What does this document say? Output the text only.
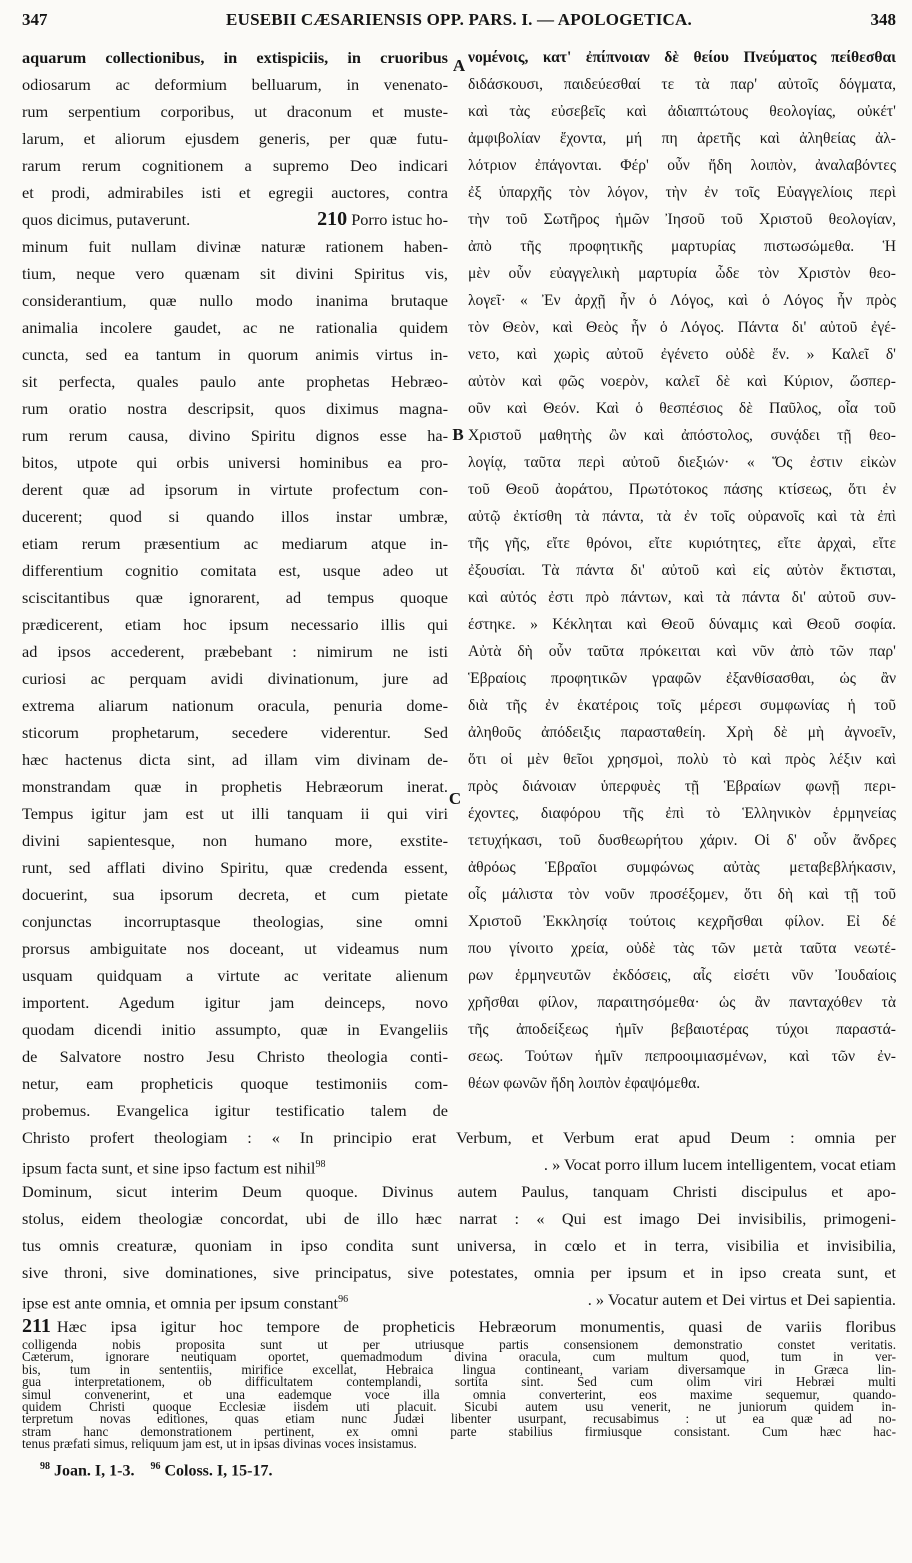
347	EUSEBII CÆSARIENSIS OPP. PARS. I. — APOLOGETICA.	348
A
B
C
aquarum collectionibus, in extispiciis, in cruoribus
odiosarum ac deformium belluarum, in venenato-
rum serpentium corporibus, ut draconum et muste-
larum, et aliorum ejusdem generis, per quæ futu-
rarum rerum cognitionem a supremo Deo indicari
et prodi, admirabiles isti et egregii auctores, contra
quos dicimus, putaverunt.	210 Porro istuc ho-
minum fuit nullam divinæ naturæ rationem haben-
tium, neque vero quænam sit divini Spiritus vis,
considerantium, quæ nullo modo inanima brutaque
animalia incolere gaudet, ac ne rationalia quidem
cuncta, sed ea tantum in quorum animis virtus in-
sit perfecta, quales paulo ante prophetas Hebræo-
rum oratio nostra descripsit, quos diximus magna-
rum rerum causa, divino Spiritu dignos esse ha-
bitos, utpote qui orbis universi hominibus ea pro-
derent quæ ad ipsorum in virtute profectum con-
ducerent; quod si quando illos instar umbræ,
etiam rerum præsentium ac mediarum atque in-
differentium cognitio comitata est, usque adeo ut
sciscitantibus quæ ignorarent, ad tempus quoque
prædicerent, etiam hoc ipsum necessario illis qui
ad ipsos accederent, præbebant : nimirum ne isti
curiosi ac perquam avidi divinationum, jure ad
extrema aliarum nationum oracula, penuria dome-
sticorum prophetarum, secedere viderentur. Sed
hæc hactenus dicta sint, ad illam vim divinam de-
monstrandam quæ in prophetis Hebræorum inerat.
Tempus igitur jam est ut illi tanquam ii qui viri
divini sapientesque, non humano more, exstite-
runt, sed afflati divino Spiritu, quæ credenda essent,
docuerint, sua ipsorum decreta, et cum pietate
conjunctas incorruptasque theologias, sine omni
prorsus ambiguitate nos doceant, ut videamus num
usquam quidquam a virtute ac veritate alienum
importent. Agedum igitur jam deinceps, novo
quodam dicendi initio assumpto, quæ in Evangeliis
de Salvatore nostro Jesu Christo theologia conti-
netur, eam propheticis quoque testimoniis com-
probemus. Evangelica igitur testificatio talem de
νομένοις, κατ' ἐπίπνοιαν δὲ θείου Πνεύματος πείθεσθαι
διδάσκουσι, παιδεύεσθαί τε τὰ παρ' αὐτοῖς δόγματα,
καὶ τὰς εὐσεβεῖς καὶ ἀδιαπτώτους θεολογίας, οὐκέτ'
ἀμφιβολίαν ἔχοντα, μή πη ἀρετῆς καὶ ἀληθείας ἀλ-
λότριον ἐπάγονται. Φέρ' οὖν ἤδη λοιπὸν, ἀναλαβόντες
ἐξ ὑπαρχῆς τὸν λόγον, τὴν ἐν τοῖς Εὐαγγελίοις περὶ
τὴν τοῦ Σωτῆρος ἡμῶν Ἰησοῦ τοῦ Χριστοῦ θεολογίαν,
ἀπὸ τῆς προφητικῆς μαρτυρίας πιστωσώμεθα. Ἡ
μὲν οὖν εὐαγγελικὴ μαρτυρία ὧδε τὸν Χριστὸν θεο-
λογεῖ· « Ἐν ἀρχῇ ἦν ὁ Λόγος, καὶ ὁ Λόγος ἦν πρὸς
τὸν Θεὸν, καὶ Θεὸς ἦν ὁ Λόγος. Πάντα δι' αὐτοῦ ἐγέ-
νετο, καὶ χωρὶς αὐτοῦ ἐγένετο οὐδὲ ἕν. » Καλεῖ δ'
αὐτὸν καὶ φῶς νοερὸν, καλεῖ δὲ καὶ Κύριον, ὥσπερ-
οῦν καὶ Θεόν. Καὶ ὁ θεσπέσιος δὲ Παῦλος, οἷα τοῦ
Χριστοῦ μαθητὴς ὢν καὶ ἀπόστολος, συνᾴδει τῇ θεο-
λογίᾳ, ταῦτα περὶ αὐτοῦ διεξιών· « Ὅς ἐστιν εἰκὼν
τοῦ Θεοῦ ἀοράτου, Πρωτότοκος πάσης κτίσεως, ὅτι ἐν
αὐτῷ ἐκτίσθη τὰ πάντα, τὰ ἐν τοῖς οὐρανοῖς καὶ τὰ ἐπὶ
τῆς γῆς, εἴτε θρόνοι, εἴτε κυριότητες, εἴτε ἀρχαὶ, εἴτε
ἐξουσίαι. Τὰ πάντα δι' αὐτοῦ καὶ εἰς αὐτὸν ἔκτισται,
καὶ αὐτός ἐστι πρὸ πάντων, καὶ τὰ πάντα δι' αὐτοῦ συν-
έστηκε. » Κέκληται καὶ Θεοῦ δύναμις καὶ Θεοῦ σοφία.
Αὐτὰ δὴ οὖν ταῦτα πρόκειται καὶ νῦν ἀπὸ τῶν παρ'
Ἑβραίοις προφητικῶν γραφῶν ἐξανθίσασθαι, ὡς ἂν
διὰ τῆς ἐν ἑκατέροις τοῖς μέρεσι συμφωνίας ἡ τοῦ
ἀληθοῦς ἀπόδειξις παρασταθείη. Χρὴ δὲ μὴ ἀγνοεῖν,
ὅτι οἱ μὲν θεῖοι χρησμοὶ, πολὺ τὸ καὶ πρὸς λέξιν καὶ
πρὸς διάνοιαν ὑπερφυὲς τῇ Ἑβραίων φωνῇ περι-
έχοντες, διαφόρου τῆς ἐπὶ τὸ Ἑλληνικὸν ἑρμηνείας
τετυχήκασι, τοῦ δυσθεωρήτου χάριν. Οἱ δ' οὖν ἄνδρες
ἀθρόως Ἑβραῖοι συμφώνως αὐτὰς μεταβεβλήκασιν,
οἷς μάλιστα τὸν νοῦν προσέξομεν, ὅτι δὴ καὶ τῇ τοῦ
Χριστοῦ Ἐκκλησίᾳ τούτοις κεχρῆσθαι φίλον. Εἰ δέ
που γίνοιτο χρεία, οὐδὲ τὰς τῶν μετὰ ταῦτα νεωτέ-
ρων ἑρμηνευτῶν ἐκδόσεις, αἷς εἰσέτι νῦν Ἰουδαίοις
χρῆσθαι φίλον, παραιτησόμεθα· ὡς ἂν πανταχόθεν τὰ
τῆς ἀποδείξεως ἡμῖν βεβαιοτέρας τύχοι παραστά-
σεως. Τούτων ἡμῖν πεπροοιμιασμένων, καὶ τῶν ἐν-
θέων φωνῶν ἤδη λοιπὸν ἐφαψόμεθα.
Christo profert theologiam : « In principio erat Verbum, et Verbum erat apud Deum : omnia per
ipsum facta sunt, et sine ipso factum est nihil$^{98}$	. » Vocat porro illum lucem intelligentem, vocat etiam
Dominum, sicut interim Deum quoque. Divinus autem Paulus, tanquam Christi discipulus et apo-
stolus, eidem theologiæ concordat, ubi de illo hæc narrat : « Qui est imago Dei invisibilis, primogeni-
tus omnis creaturæ, quoniam in ipso condita sunt universa, in cœlo et in terra, visibilia et invisibilia,
sive throni, sive dominationes, sive principatus, sive potestates, omnia per ipsum et in ipso creata sunt, et
ipse est ante omnia, et omnia per ipsum constant$^{96}$	. » Vocatur autem et Dei virtus et Dei sapientia.
211 Hæc ipsa igitur hoc tempore de propheticis Hebræorum monumentis, quasi de variis floribus
$^{98}$ Joan. I, 1-3. $^{96}$ Coloss. I, 15-17.
colligenda nobis proposita sunt ut per utriusque partis consensionem demonstratio constet veritatis.
Cæterum, ignorare neutiquam oportet, quemadmodum divina oracula, cum multum quod, tum in ver-
bis, tum in sententiis, mirifice excellat, Hebraica lingua contineant, variam diversamque in Græca lin-
gua interpretationem, ob difficultatem contemplandi, sortita sint. Sed cum olim viri Hebræi multi
simul convenerint, et una eademque voce illa omnia converterint, eos maxime sequemur, quando-
quidem Christi quoque Ecclesiæ iisdem uti placuit. Sicubi autem usu venerit, ne juniorum quidem in-
terpretum novas editiones, quas etiam nunc Judæi libenter usurpant, recusabimus : ut ea quæ ad no-
stram hanc demonstrationem pertinent, ex omni parte stabilius firmiusque consistant. Cum hæc hac-
tenus præfati simus, reliquum jam est, ut in ipsas divinas voces insistamus.
